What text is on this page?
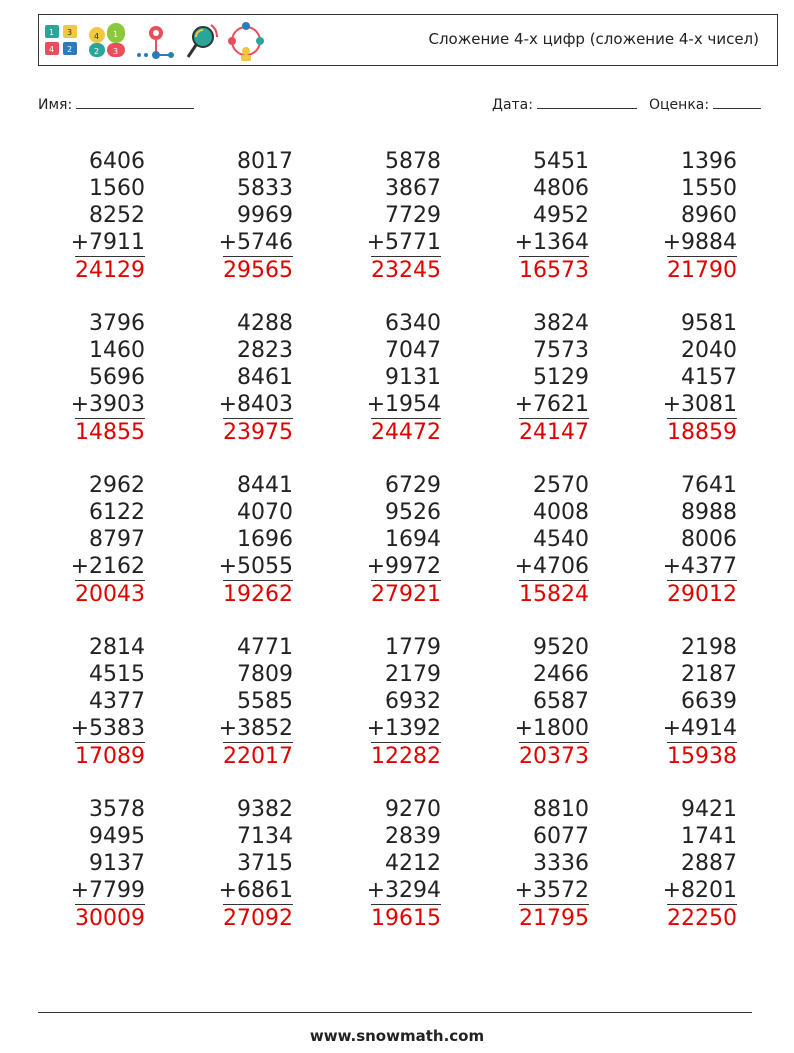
1 3
4 2
4 1
2 3
Сложение 4-х цифр (сложение 4-х чисел)
Имя:	Дата:	Оценка:
6406
1560
8252
+7911
24129
8017
5833
9969
+5746
29565
5878
3867
7729
+5771
23245
5451
4806
4952
+1364
16573
1396
1550
8960
+9884
21790
3796
1460
5696
+3903
14855
4288
2823
8461
+8403
23975
6340
7047
9131
+1954
24472
3824
7573
5129
+7621
24147
9581
2040
4157
+3081
18859
2962
6122
8797
+2162
20043
8441
4070
1696
+5055
19262
6729
9526
1694
+9972
27921
2570
4008
4540
+4706
15824
7641
8988
8006
+4377
29012
2814
4515
4377
+5383
17089
4771
7809
5585
+3852
22017
1779
2179
6932
+1392
12282
9520
2466
6587
+1800
20373
2198
2187
6639
+4914
15938
3578
9495
9137
+7799
30009
9382
7134
3715
+6861
27092
9270
2839
4212
+3294
19615
8810
6077
3336
+3572
21795
9421
1741
2887
+8201
22250
www.snowmath.com
